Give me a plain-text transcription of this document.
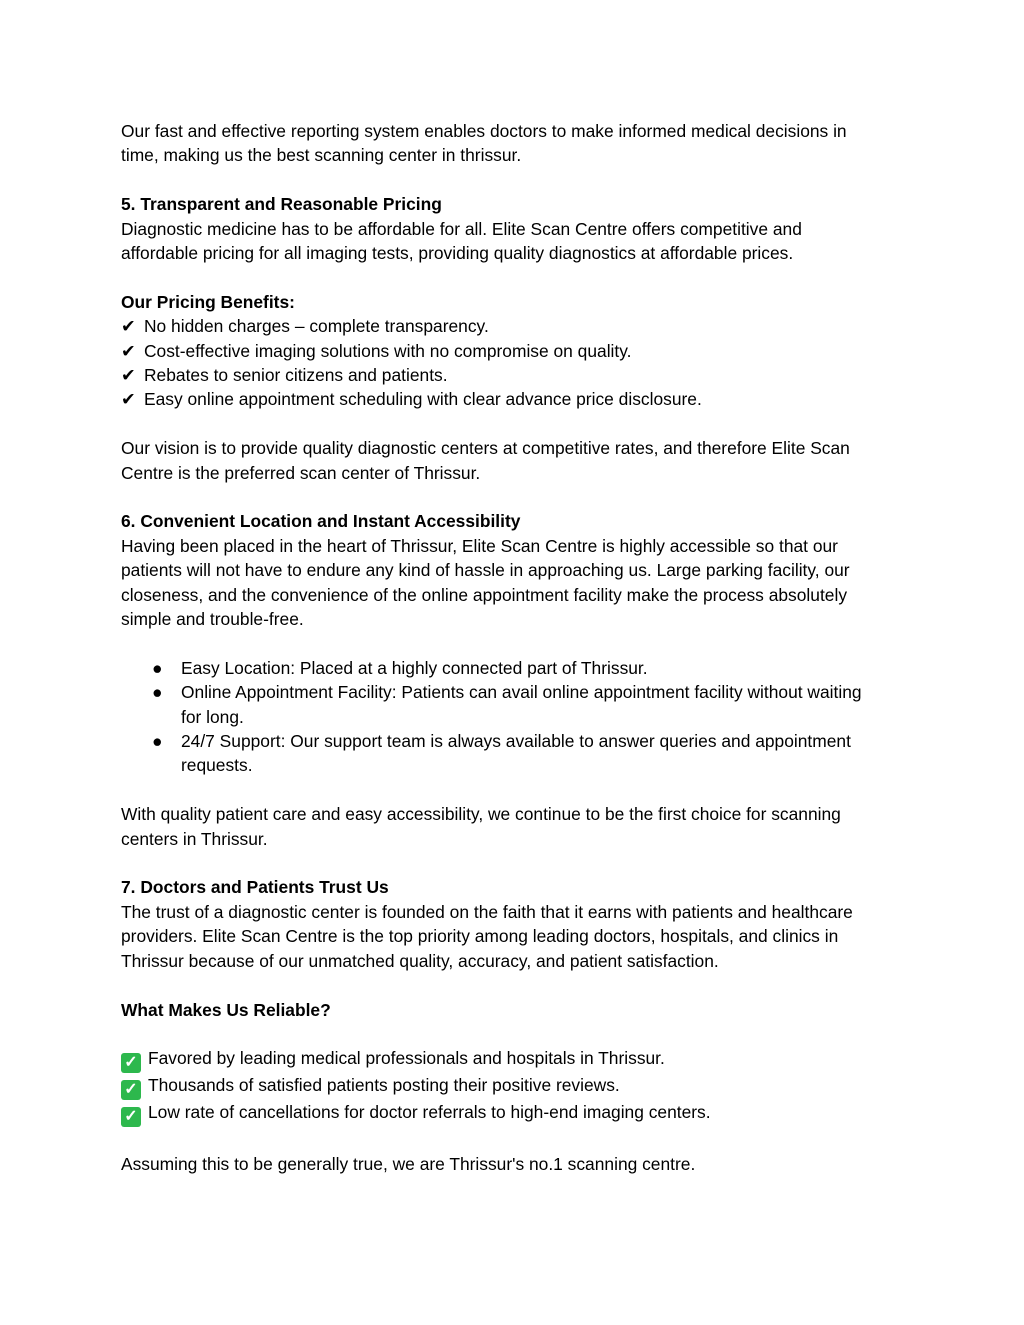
Our fast and effective reporting system enables doctors to make informed medical decisions in
time, making us the best scanning center in thrissur.

5. Transparent and Reasonable Pricing
Diagnostic medicine has to be affordable for all. Elite Scan Centre offers competitive and
affordable pricing for all imaging tests, providing quality diagnostics at affordable prices.

Our Pricing Benefits:
✔ No hidden charges – complete transparency.
✔ Cost-effective imaging solutions with no compromise on quality.
✔ Rebates to senior citizens and patients.
✔ Easy online appointment scheduling with clear advance price disclosure.

Our vision is to provide quality diagnostic centers at competitive rates, and therefore Elite Scan
Centre is the preferred scan center of Thrissur.

6. Convenient Location and Instant Accessibility
Having been placed in the heart of Thrissur, Elite Scan Centre is highly accessible so that our
patients will not have to endure any kind of hassle in approaching us. Large parking facility, our
closeness, and the convenience of the online appointment facility make the process absolutely
simple and trouble-free.

● Easy Location: Placed at a highly connected part of Thrissur.
● Online Appointment Facility: Patients can avail online appointment facility without waiting
for long.
● 24/7 Support: Our support team is always available to answer queries and appointment
requests.

With quality patient care and easy accessibility, we continue to be the first choice for scanning
centers in Thrissur.

7. Doctors and Patients Trust Us
The trust of a diagnostic center is founded on the faith that it earns with patients and healthcare
providers. Elite Scan Centre is the top priority among leading doctors, hospitals, and clinics in
Thrissur because of our unmatched quality, accuracy, and patient satisfaction.

What Makes Us Reliable?

✓ Favored by leading medical professionals and hospitals in Thrissur.
✓ Thousands of satisfied patients posting their positive reviews.
✓ Low rate of cancellations for doctor referrals to high-end imaging centers.

Assuming this to be generally true, we are Thrissur's no.1 scanning centre.
